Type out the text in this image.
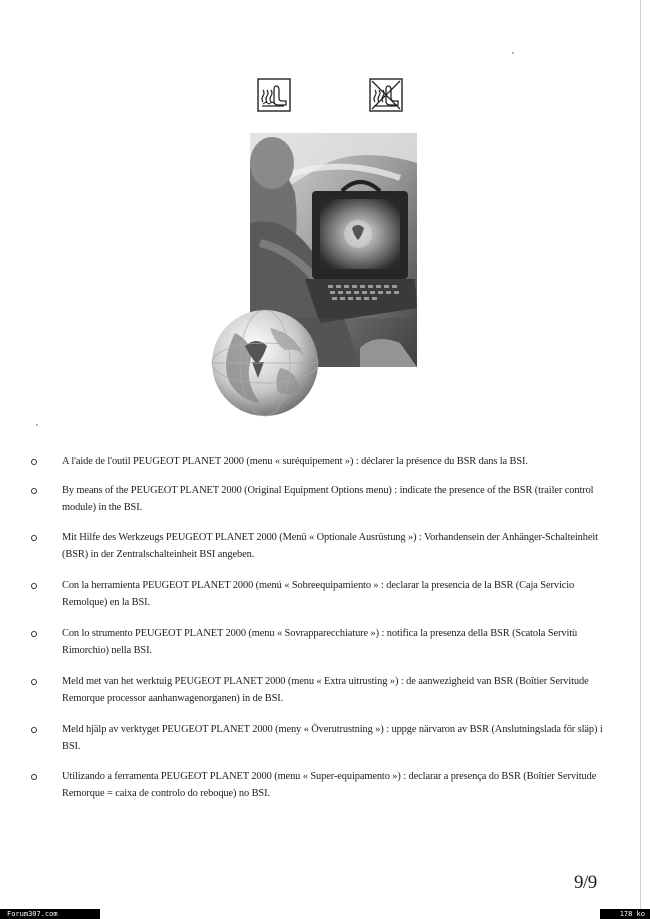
A l'aide de l'outil PEUGEOT PLANET 2000 (menu « suréquipement ») : déclarer la présence du BSR dans la BSI.
By means of the PEUGEOT PLANET 2000 (Original Equipment Options menu) : indicate the presence of the BSR (trailer control module) in the BSI.
Mit Hilfe des Werkzeugs PEUGEOT PLANET 2000 (Menü « Optionale Ausrüstung ») : Vorhandensein der Anhänger-Schalteinheit (BSR) in der Zentralschalteinheit BSI angeben.
Con la herramienta PEUGEOT PLANET 2000 (menú « Sobreequipamiento » : declarar la presencia de la BSR (Caja Servicio Remolque) en la BSI.
Con lo strumento PEUGEOT PLANET 2000 (menu « Sovrapparecchiature ») : notifica la presenza della BSR (Scatola Servitù Rimorchio) nella BSI.
Meld met van het werktuig PEUGEOT PLANET 2000 (menu « Extra uitrusting ») : de aanwezigheid van BSR (Boîtier Servitude Remorque processor aanhanwagenorganen) in de BSI.
Meld hjälp av verktyget PEUGEOT PLANET 2000 (meny « Överutrustning ») : uppge närvaron av BSR (Anslutningslada för släp) i BSI.
Utilizando a ferramenta PEUGEOT PLANET 2000 (menu « Super-equipamento ») : declarar a presença do BSR (Boîtier Servitude Remorque = caixa de controlo do reboque) no BSI.
9/9
Forum307.com	178 ko
